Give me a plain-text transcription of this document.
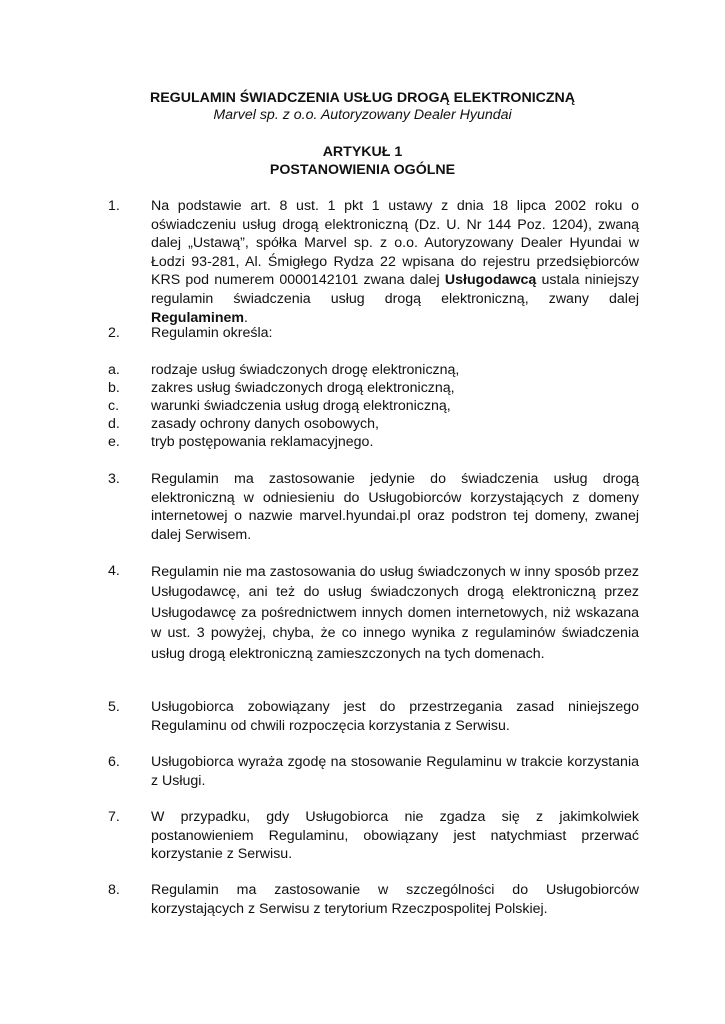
REGULAMIN ŚWIADCZENIA USŁUG DROGĄ ELEKTRONICZNĄ
Marvel sp. z o.o. Autoryzowany Dealer Hyundai
ARTYKUŁ 1
POSTANOWIENIA OGÓLNE
1. Na podstawie art. 8 ust. 1 pkt 1 ustawy z dnia 18 lipca 2002 roku o oświadczeniu usług drogą elektroniczną (Dz. U. Nr 144 Poz. 1204), zwaną dalej „Ustawą”, spółka Marvel sp. z o.o. Autoryzowany Dealer Hyundai w Łodzi 93-281, Al. Śmigłego Rydza 22 wpisana do rejestru przedsiębiorców KRS pod numerem 0000142101 zwana dalej Usługodawcą ustala niniejszy regulamin świadczenia usług drogą elektroniczną, zwany dalej Regulaminem.
2. Regulamin określa:
a. rodzaje usług świadczonych drogę elektroniczną,
b. zakres usług świadczonych drogą elektroniczną,
c. warunki świadczenia usług drogą elektroniczną,
d. zasady ochrony danych osobowych,
e. tryb postępowania reklamacyjnego.
3. Regulamin ma zastosowanie jedynie do świadczenia usług drogą elektroniczną w odniesieniu do Usługobiorców korzystających z domeny internetowej o nazwie marvel.hyundai.pl oraz podstron tej domeny, zwanej dalej Serwisem.
4. Regulamin nie ma zastosowania do usług świadczonych w inny sposób przez Usługodawcę, ani też do usług świadczonych drogą elektroniczną przez Usługodawcę za pośrednictwem innych domen internetowych, niż wskazana w ust. 3 powyżej, chyba, że co innego wynika z regulaminów świadczenia usług drogą elektroniczną zamieszczonych na tych domenach.
5. Usługobiorca zobowiązany jest do przestrzegania zasad niniejszego Regulaminu od chwili rozpoczęcia korzystania z Serwisu.
6. Usługobiorca wyraża zgodę na stosowanie Regulaminu w trakcie korzystania z Usługi.
7. W przypadku, gdy Usługobiorca nie zgadza się z jakimkolwiek postanowieniem Regulaminu, obowiązany jest natychmiast przerwać korzystanie z Serwisu.
8. Regulamin ma zastosowanie w szczególności do Usługobiorców korzystających z Serwisu z terytorium Rzeczpospolitej Polskiej.
